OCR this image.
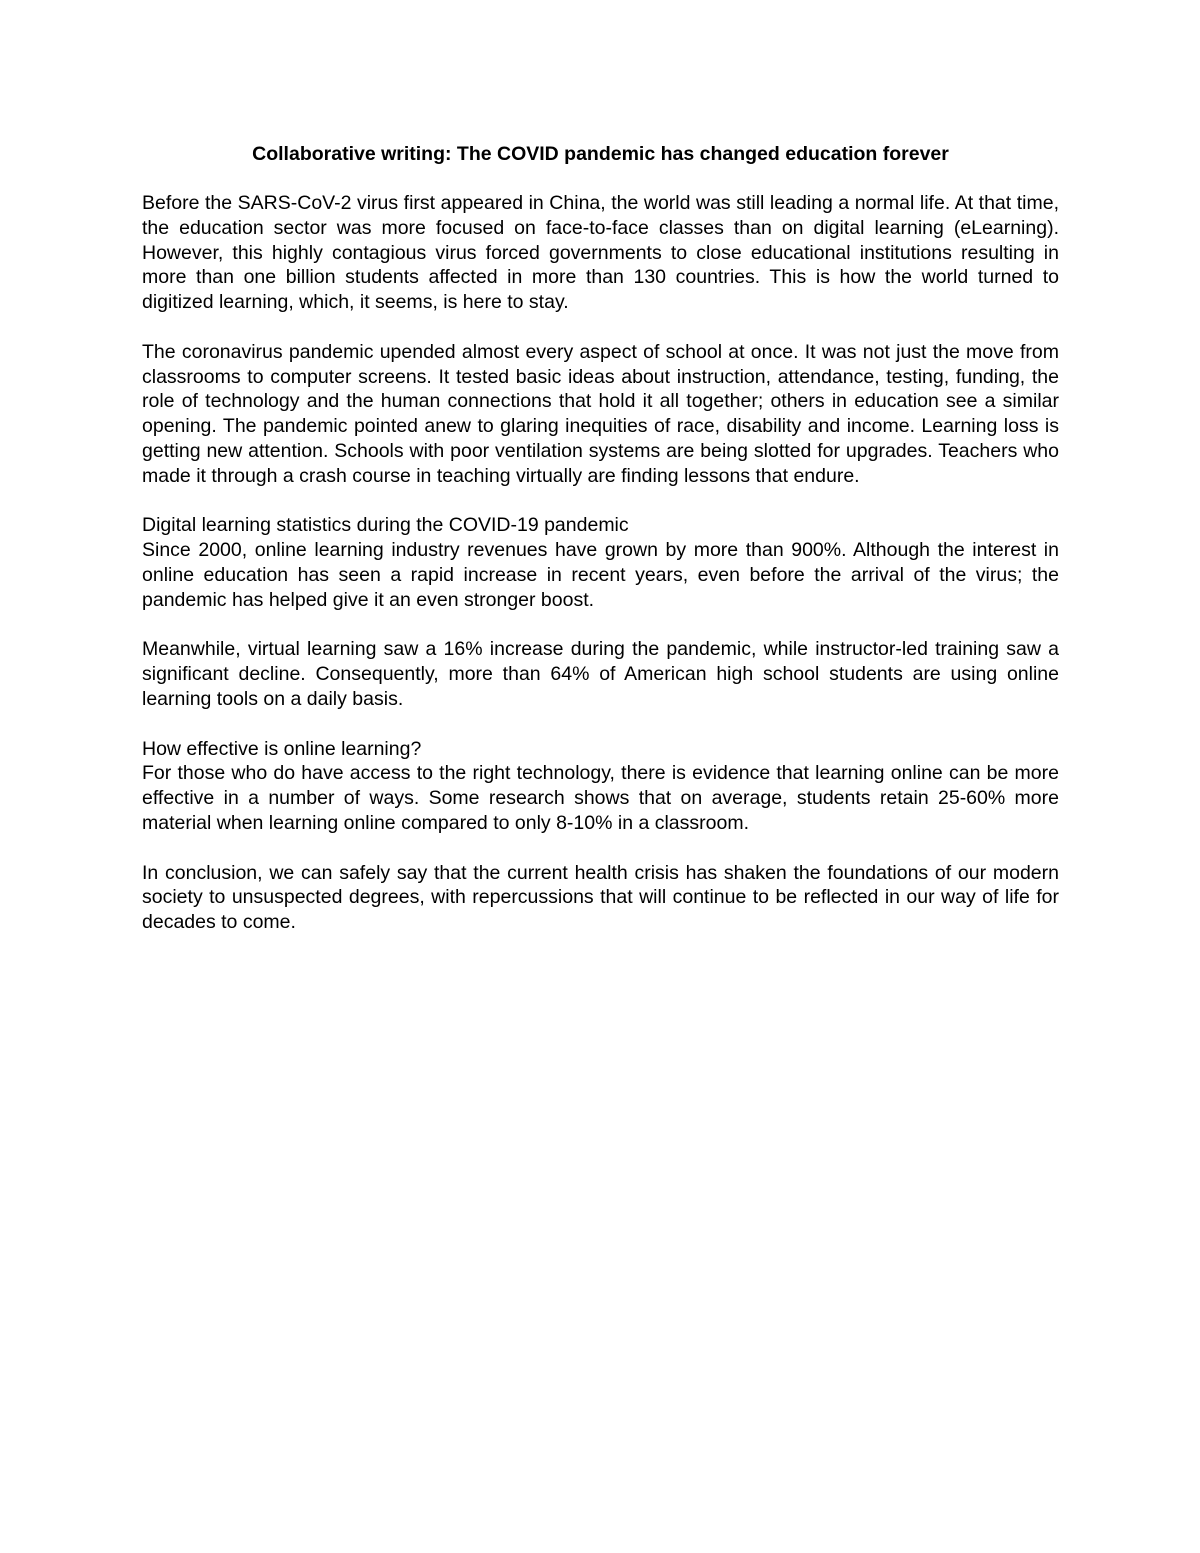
Collaborative writing: The COVID pandemic has changed education forever

Before the SARS-CoV-2 virus first appeared in China, the world was still leading a normal life. At that time, the education sector was more focused on face-to-face classes than on digital learning (eLearning). However, this highly contagious virus forced governments to close educational institutions resulting in more than one billion students affected in more than 130 countries. This is how the world turned to digitized learning, which, it seems, is here to stay.

The coronavirus pandemic upended almost every aspect of school at once. It was not just the move from classrooms to computer screens. It tested basic ideas about instruction, attendance, testing, funding, the role of technology and the human connections that hold it all together; others in education see a similar opening. The pandemic pointed anew to glaring inequities of race, disability and income. Learning loss is getting new attention. Schools with poor ventilation systems are being slotted for upgrades. Teachers who made it through a crash course in teaching virtually are finding lessons that endure.

Digital learning statistics during the COVID-19 pandemic
Since 2000, online learning industry revenues have grown by more than 900%. Although the interest in online education has seen a rapid increase in recent years, even before the arrival of the virus; the pandemic has helped give it an even stronger boost.

Meanwhile, virtual learning saw a 16% increase during the pandemic, while instructor-led training saw a significant decline. Consequently, more than 64% of American high school students are using online learning tools on a daily basis.

How effective is online learning?
For those who do have access to the right technology, there is evidence that learning online can be more effective in a number of ways. Some research shows that on average, students retain 25-60% more material when learning online compared to only 8-10% in a classroom.

In conclusion, we can safely say that the current health crisis has shaken the foundations of our modern society to unsuspected degrees, with repercussions that will continue to be reflected in our way of life for decades to come.
